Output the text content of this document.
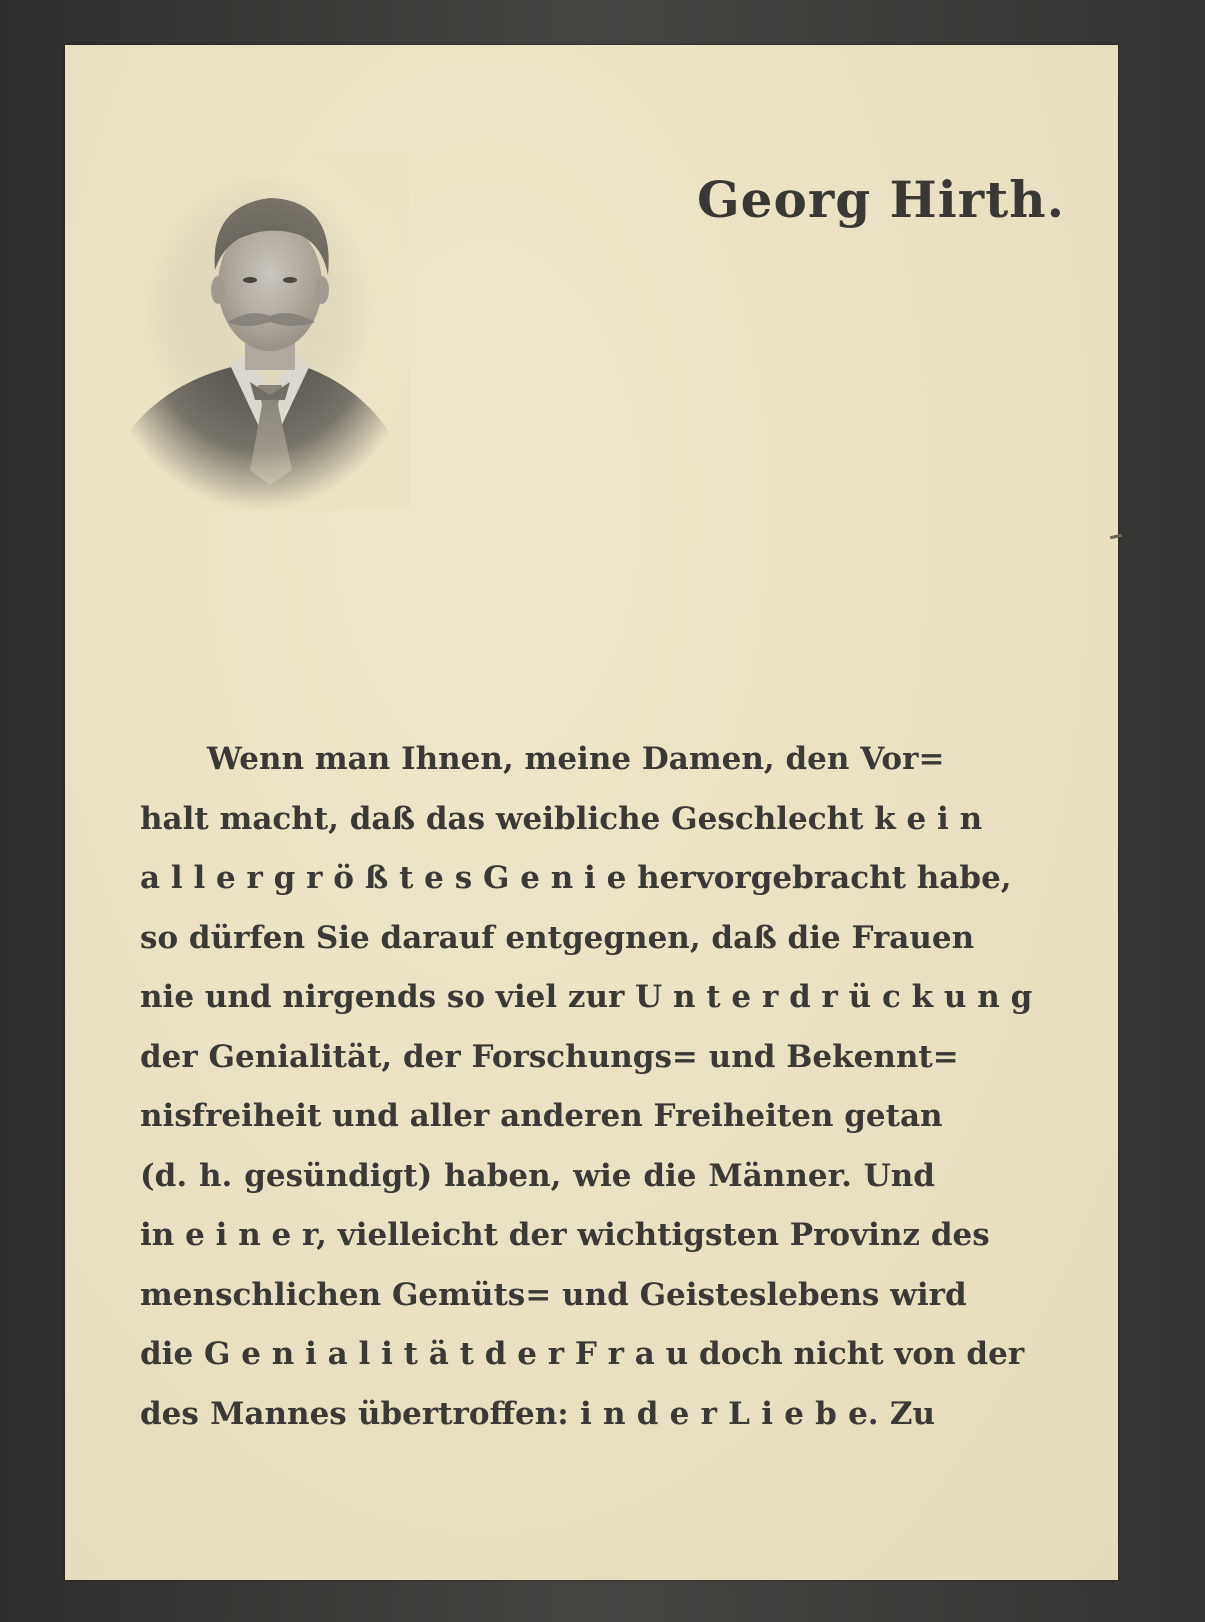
Georg Hirth.
Wenn man Ihnen, meine Damen, den Vor=
halt macht, daß das weibliche Geschlecht k e i n
a l l e r g r ö ß t e s G e n i e hervorgebracht habe,
so dürfen Sie darauf entgegnen, daß die Frauen
nie und nirgends so viel zur U n t e r d r ü c k u n g
der Genialität, der Forschungs= und Bekennt=
nisfreiheit und aller anderen Freiheiten getan
(d. h. gesündigt) haben, wie die Männer. Und
in e i n e r, vielleicht der wichtigsten Provinz des
menschlichen Gemüts= und Geisteslebens wird
die G e n i a l i t ä t d e r F r a u doch nicht von der
des Mannes übertroffen: i n d e r L i e b e. Zu
